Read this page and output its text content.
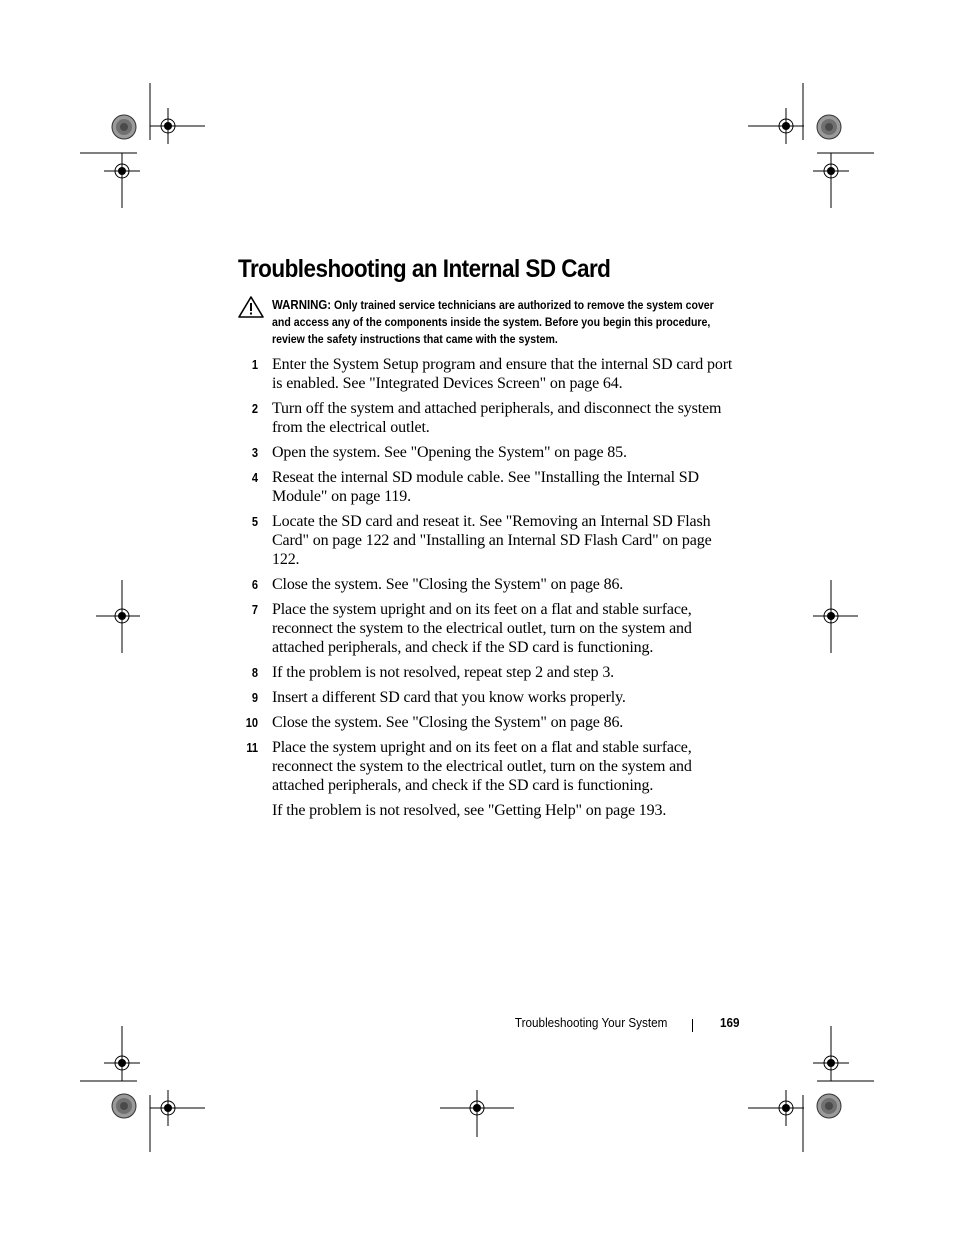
Troubleshooting an Internal SD Card
WARNING: Only trained service technicians are authorized to remove the system cover and access any of the components inside the system. Before you begin this procedure, review the safety instructions that came with the system.
1 Enter the System Setup program and ensure that the internal SD card port is enabled. See "Integrated Devices Screen" on page 64.
2 Turn off the system and attached peripherals, and disconnect the system from the electrical outlet.
3 Open the system. See "Opening the System" on page 85.
4 Reseat the internal SD module cable. See "Installing the Internal SD Module" on page 119.
5 Locate the SD card and reseat it. See "Removing an Internal SD Flash Card" on page 122 and "Installing an Internal SD Flash Card" on page 122.
6 Close the system. See "Closing the System" on page 86.
7 Place the system upright and on its feet on a flat and stable surface, reconnect the system to the electrical outlet, turn on the system and attached peripherals, and check if the SD card is functioning.
8 If the problem is not resolved, repeat step 2 and step 3.
9 Insert a different SD card that you know works properly.
10 Close the system. See "Closing the System" on page 86.
11 Place the system upright and on its feet on a flat and stable surface, reconnect the system to the electrical outlet, turn on the system and attached peripherals, and check if the SD card is functioning.
If the problem is not resolved, see "Getting Help" on page 193.
Troubleshooting Your System	169
